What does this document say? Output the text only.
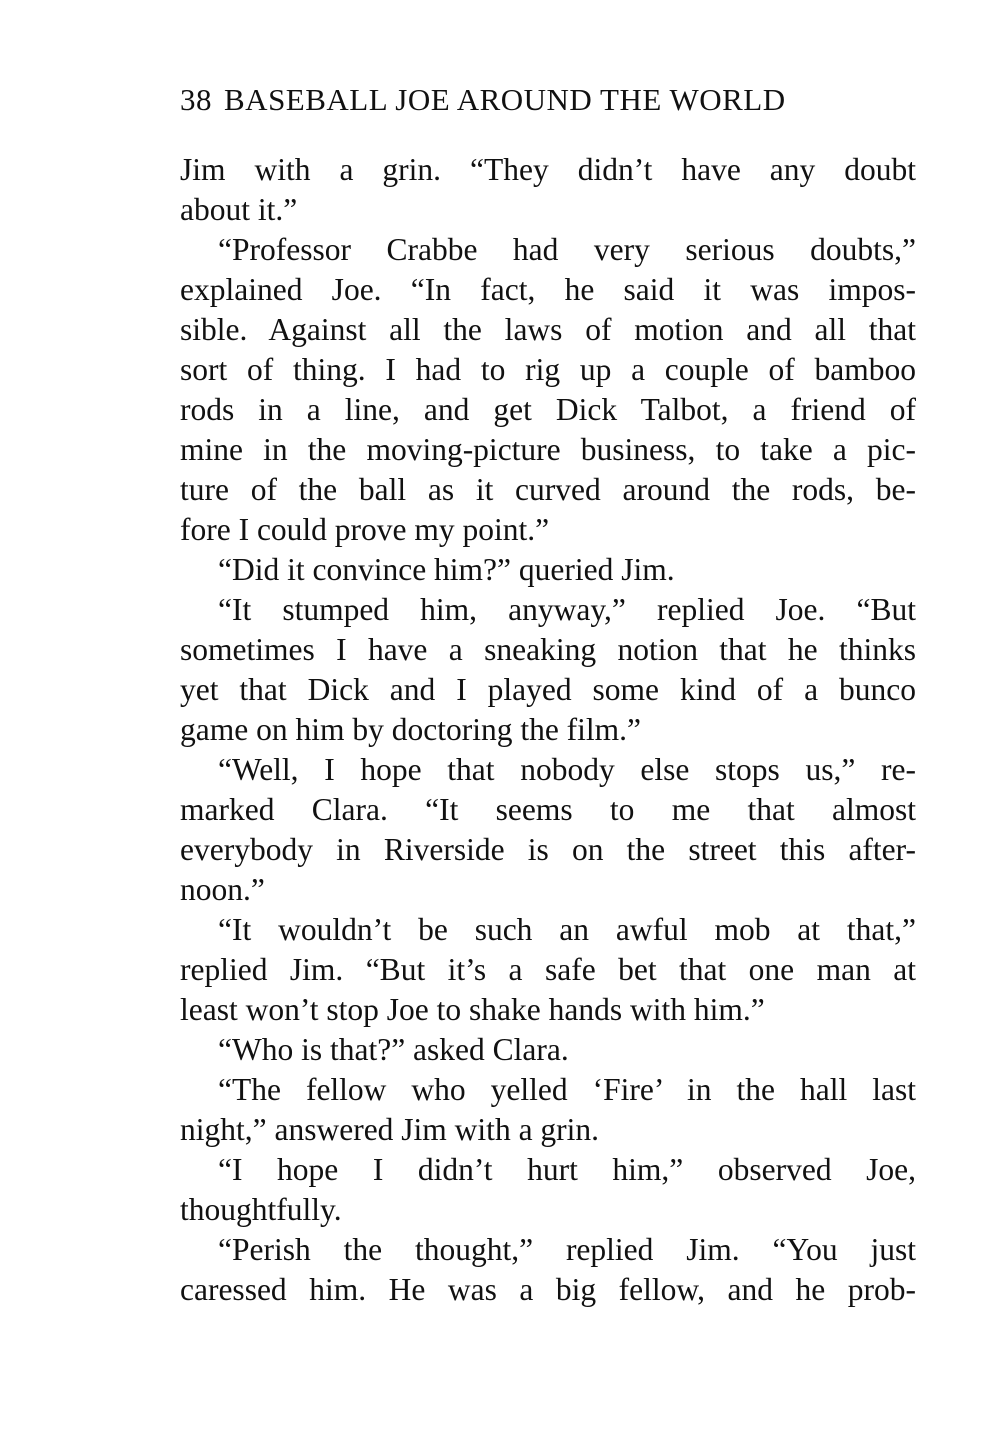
38 BASEBALL JOE AROUND THE WORLD
Jim with a grin. “They didn’t have any doubt
about it.”
“Professor Crabbe had very serious doubts,”
explained Joe. “In fact, he said it was impos-
sible. Against all the laws of motion and all that
sort of thing. I had to rig up a couple of bamboo
rods in a line, and get Dick Talbot, a friend of
mine in the moving-picture business, to take a pic-
ture of the ball as it curved around the rods, be-
fore I could prove my point.”
“Did it convince him?” queried Jim.
“It stumped him, anyway,” replied Joe. “But
sometimes I have a sneaking notion that he thinks
yet that Dick and I played some kind of a bunco
game on him by doctoring the film.”
“Well, I hope that nobody else stops us,” re-
marked Clara. “It seems to me that almost
everybody in Riverside is on the street this after-
noon.”
“It wouldn’t be such an awful mob at that,”
replied Jim. “But it’s a safe bet that one man at
least won’t stop Joe to shake hands with him.”
“Who is that?” asked Clara.
“The fellow who yelled ‘Fire’ in the hall last
night,” answered Jim with a grin.
“I hope I didn’t hurt him,” observed Joe,
thoughtfully.
“Perish the thought,” replied Jim. “You just
caressed him. He was a big fellow, and he prob-
